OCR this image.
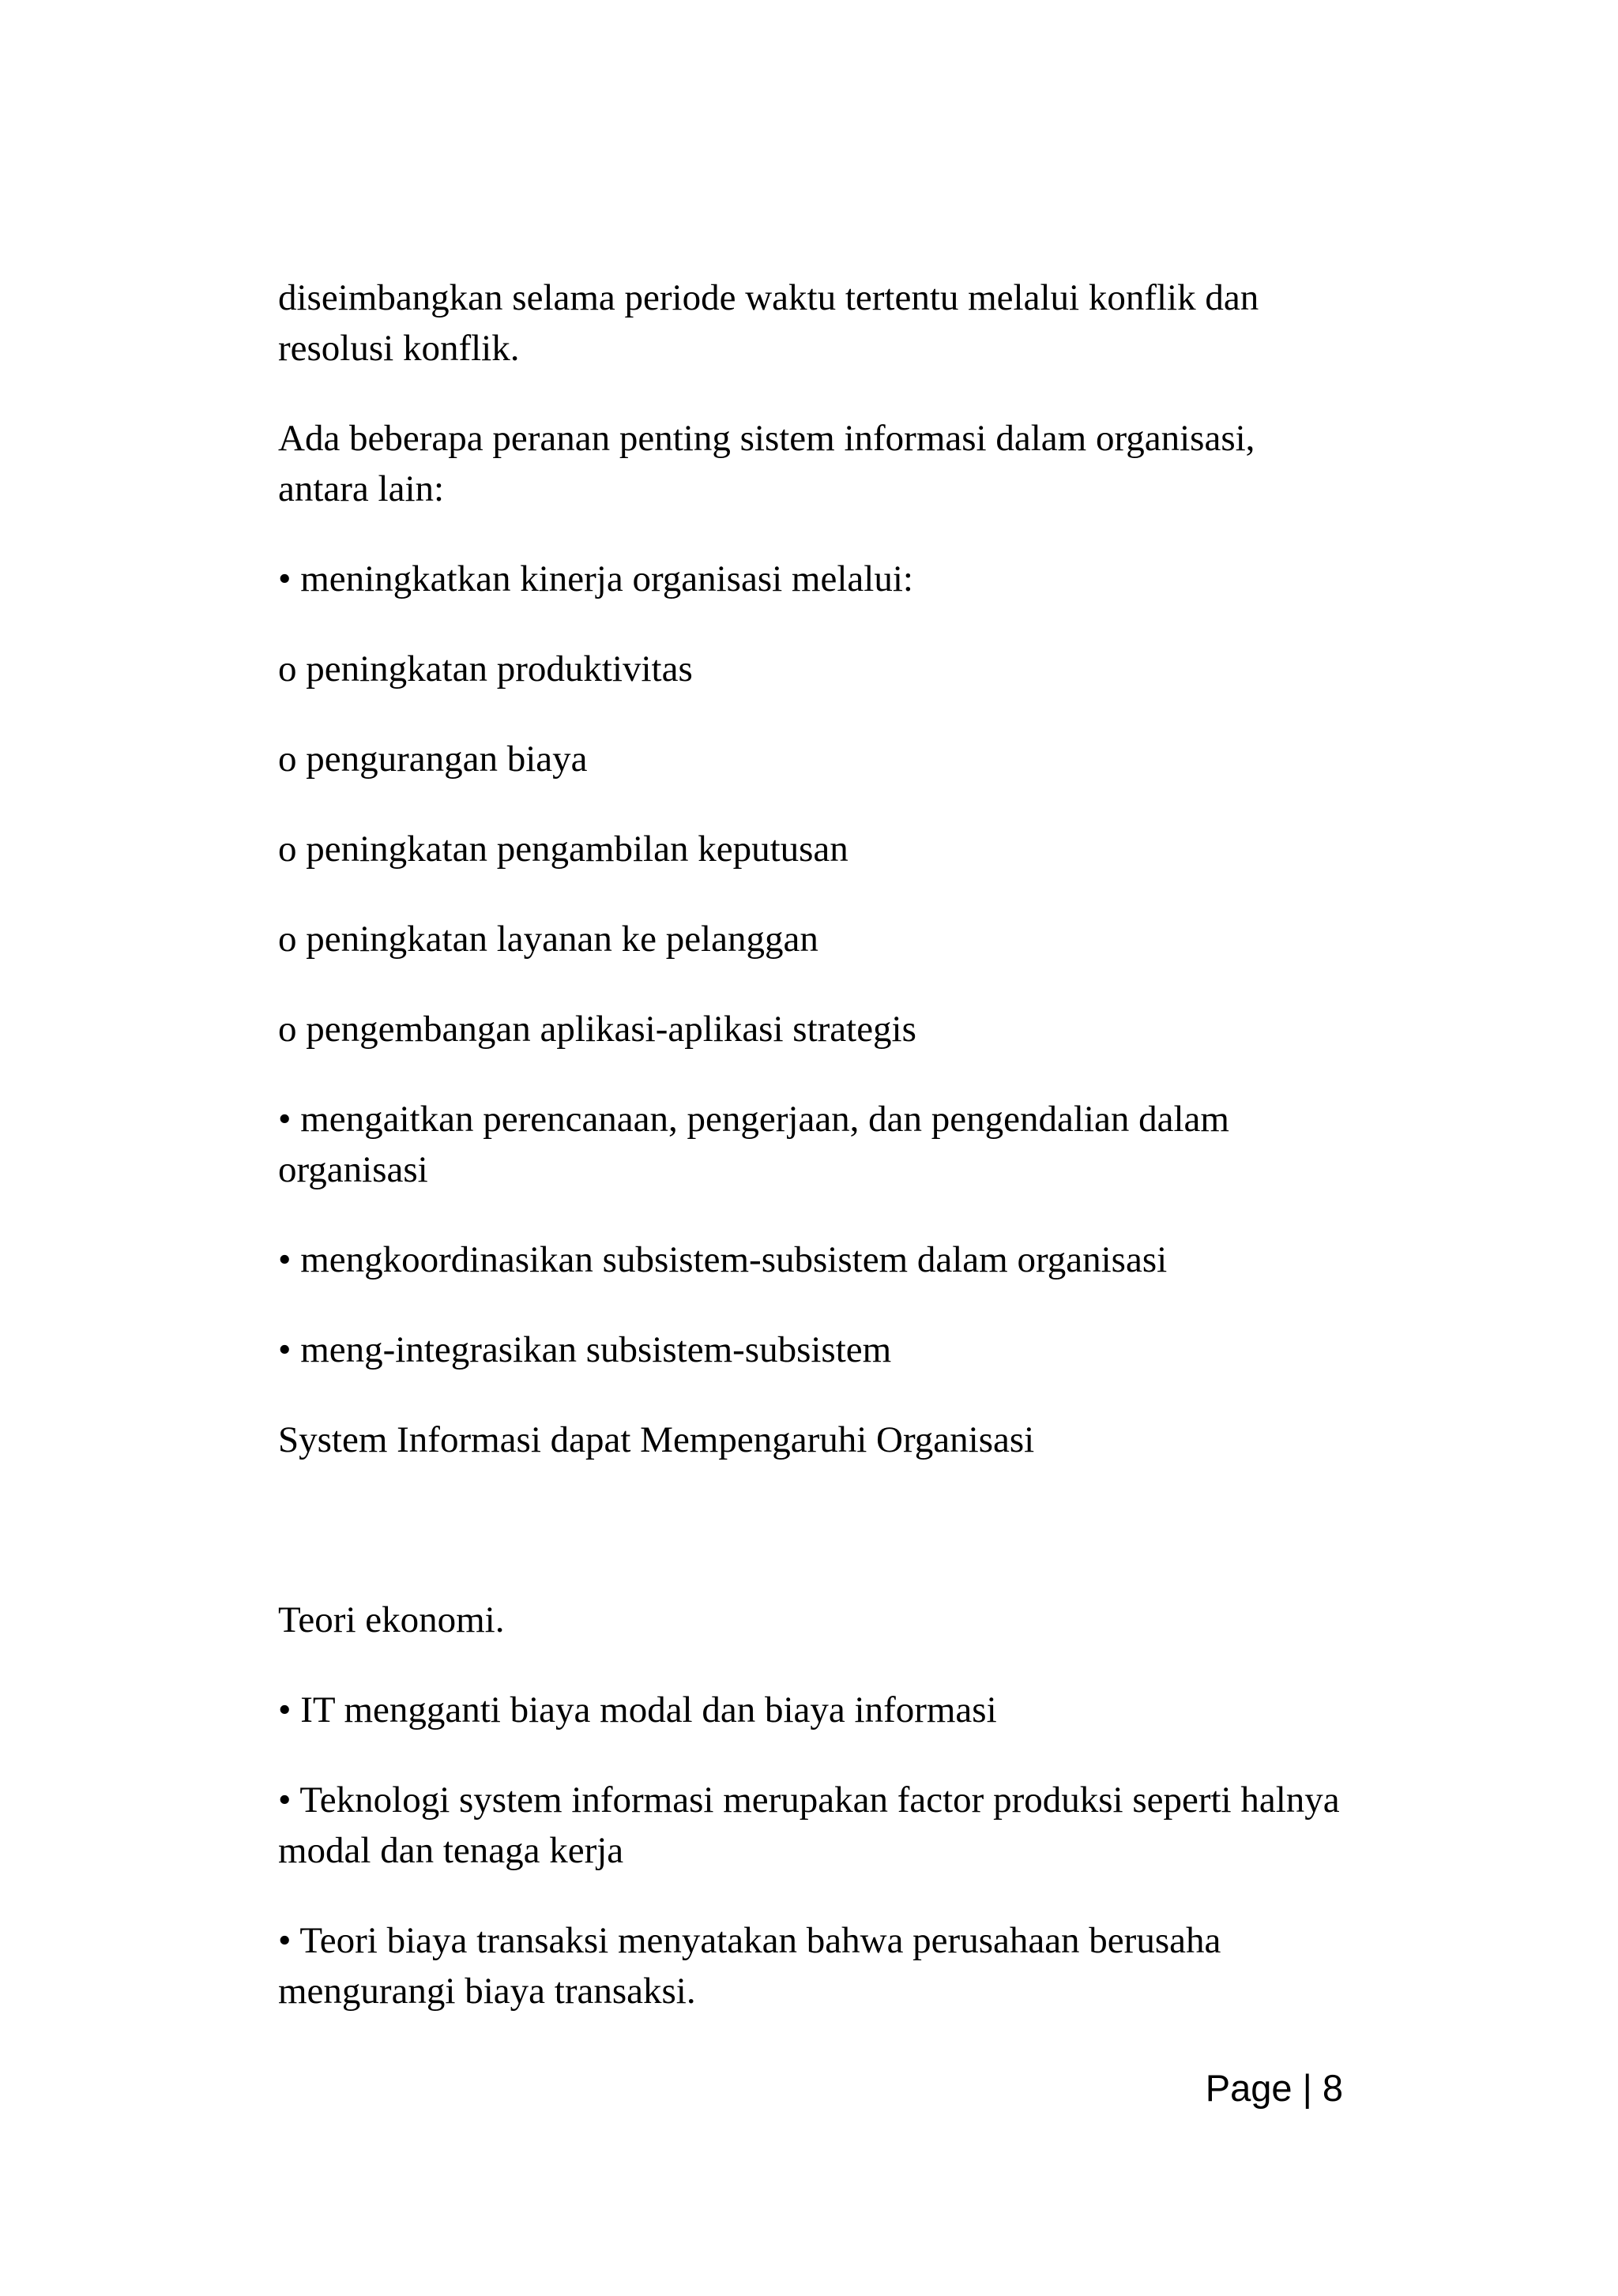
diseimbangkan selama periode waktu tertentu melalui konflik dan resolusi konflik.

Ada beberapa peranan penting sistem informasi dalam organisasi, antara lain:

• meningkatkan kinerja organisasi melalui:

o peningkatan produktivitas

o pengurangan biaya

o peningkatan pengambilan keputusan

o peningkatan layanan ke pelanggan

o pengembangan aplikasi-aplikasi strategis

• mengaitkan perencanaan, pengerjaan, dan pengendalian dalam organisasi

• mengkoordinasikan subsistem-subsistem dalam organisasi

• meng-integrasikan subsistem-subsistem

System Informasi dapat Mempengaruhi Organisasi

Teori ekonomi.

• IT mengganti biaya modal dan biaya informasi

• Teknologi system informasi merupakan factor produksi seperti halnya modal dan tenaga kerja

• Teori biaya transaksi menyatakan bahwa perusahaan berusaha mengurangi biaya transaksi.

Page | 8
